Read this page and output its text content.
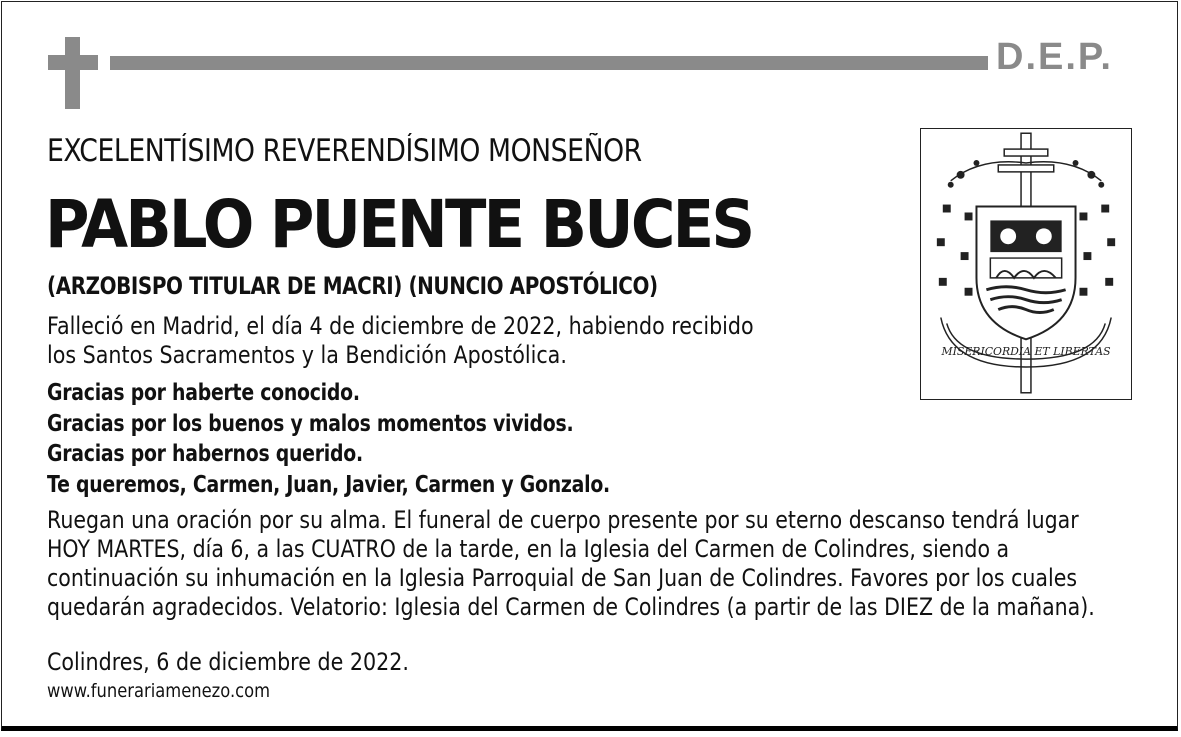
D.E.P.
EXCELENTÍSIMO REVERENDÍSIMO MONSEÑOR
PABLO PUENTE BUCES
(ARZOBISPO TITULAR DE MACRI) (NUNCIO APOSTÓLICO)
Falleció en Madrid, el día 4 de diciembre de 2022, habiendo recibido
los Santos Sacramentos y la Bendición Apostólica.
Gracias por haberte conocido.
Gracias por los buenos y malos momentos vividos.
Gracias por habernos querido.
Te queremos, Carmen, Juan, Javier, Carmen y Gonzalo.
Ruegan una oración por su alma. El funeral de cuerpo presente por su eterno descanso tendrá lugar
HOY MARTES, día 6, a las CUATRO de la tarde, en la Iglesia del Carmen de Colindres, siendo a
continuación su inhumación en la Iglesia Parroquial de San Juan de Colindres. Favores por los cuales
quedarán agradecidos. Velatorio: Iglesia del Carmen de Colindres (a partir de las DIEZ de la mañana).
Colindres, 6 de diciembre de 2022.
www.funerariamenezo.com
MISERICORDIA ET LIBERTAS
